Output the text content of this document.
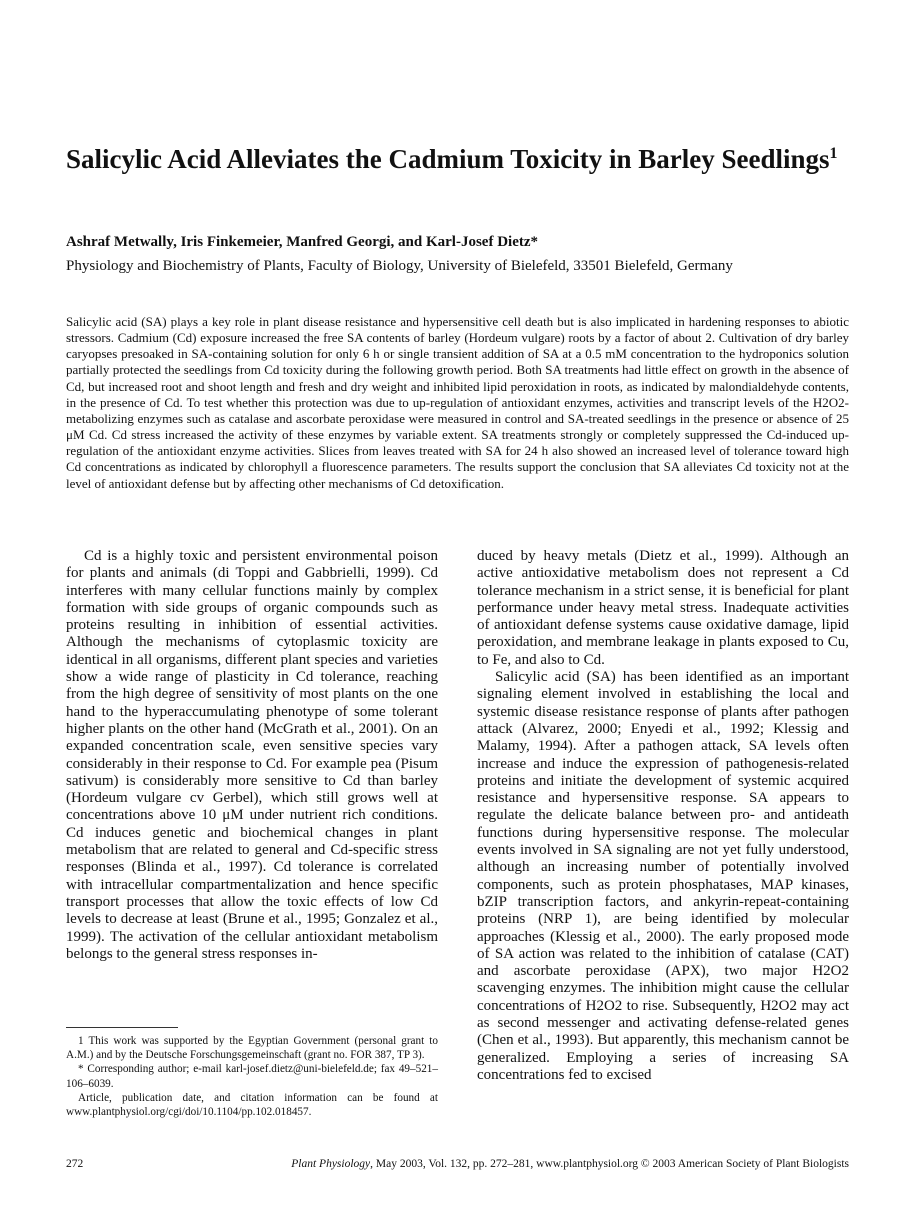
Salicylic Acid Alleviates the Cadmium Toxicity in Barley Seedlings$^1$
Ashraf Metwally, Iris Finkemeier, Manfred Georgi, and Karl-Josef Dietz*
Physiology and Biochemistry of Plants, Faculty of Biology, University of Bielefeld, 33501 Bielefeld, Germany
Salicylic acid (SA) plays a key role in plant disease resistance and hypersensitive cell death but is also implicated in hardening responses to abiotic stressors. Cadmium (Cd) exposure increased the free SA contents of barley (Hordeum vulgare) roots by a factor of about 2. Cultivation of dry barley caryopses presoaked in SA-containing solution for only 6 h or single transient addition of SA at a 0.5 mM concentration to the hydroponics solution partially protected the seedlings from Cd toxicity during the following growth period. Both SA treatments had little effect on growth in the absence of Cd, but increased root and shoot length and fresh and dry weight and inhibited lipid peroxidation in roots, as indicated by malondialdehyde contents, in the presence of Cd. To test whether this protection was due to up-regulation of antioxidant enzymes, activities and transcript levels of the H2O2-metabolizing enzymes such as catalase and ascorbate peroxidase were measured in control and SA-treated seedlings in the presence or absence of 25 μM Cd. Cd stress increased the activity of these enzymes by variable extent. SA treatments strongly or completely suppressed the Cd-induced up-regulation of the antioxidant enzyme activities. Slices from leaves treated with SA for 24 h also showed an increased level of tolerance toward high Cd concentrations as indicated by chlorophyll a fluorescence parameters. The results support the conclusion that SA alleviates Cd toxicity not at the level of antioxidant defense but by affecting other mechanisms of Cd detoxification.

Cd is a highly toxic and persistent environmental poison for plants and animals (di Toppi and Gabbrielli, 1999). Cd interferes with many cellular functions mainly by complex formation with side groups of organic compounds such as proteins resulting in inhibition of essential activities. Although the mechanisms of cytoplasmic toxicity are identical in all organisms, different plant species and varieties show a wide range of plasticity in Cd tolerance, reaching from the high degree of sensitivity of most plants on the one hand to the hyperaccumulating phenotype of some tolerant higher plants on the other hand (McGrath et al., 2001). On an expanded concentration scale, even sensitive species vary considerably in their response to Cd. For example pea (Pisum sativum) is considerably more sensitive to Cd than barley (Hordeum vulgare cv Gerbel), which still grows well at concentrations above 10 μM under nutrient rich conditions. Cd induces genetic and biochemical changes in plant metabolism that are related to general and Cd-specific stress responses (Blinda et al., 1997). Cd tolerance is correlated with intracellular compartmentalization and hence specific transport processes that allow the toxic effects of low Cd levels to decrease at least (Brune et al., 1995; Gonzalez et al., 1999). The activation of the cellular antioxidant metabolism belongs to the general stress responses in-

duced by heavy metals (Dietz et al., 1999). Although an active antioxidative metabolism does not represent a Cd tolerance mechanism in a strict sense, it is beneficial for plant performance under heavy metal stress. Inadequate activities of antioxidant defense systems cause oxidative damage, lipid peroxidation, and membrane leakage in plants exposed to Cu, to Fe, and also to Cd.

Salicylic acid (SA) has been identified as an important signaling element involved in establishing the local and systemic disease resistance response of plants after pathogen attack (Alvarez, 2000; Enyedi et al., 1992; Klessig and Malamy, 1994). After a pathogen attack, SA levels often increase and induce the expression of pathogenesis-related proteins and initiate the development of systemic acquired resistance and hypersensitive response. SA appears to regulate the delicate balance between pro- and antideath functions during hypersensitive response. The molecular events involved in SA signaling are not yet fully understood, although an increasing number of potentially involved components, such as protein phosphatases, MAP kinases, bZIP transcription factors, and ankyrin-repeat-containing proteins (NRP 1), are being identified by molecular approaches (Klessig et al., 2000). The early proposed mode of SA action was related to the inhibition of catalase (CAT) and ascorbate peroxidase (APX), two major H2O2 scavenging enzymes. The inhibition might cause the cellular concentrations of H2O2 to rise. Subsequently, H2O2 may act as second messenger and activating defense-related genes (Chen et al., 1993). But apparently, this mechanism cannot be generalized. Employing a series of increasing SA concentrations fed to excised

1 This work was supported by the Egyptian Government (personal grant to A.M.) and by the Deutsche Forschungsgemeinschaft (grant no. FOR 387, TP 3).

* Corresponding author; e-mail karl-josef.dietz@uni-bielefeld.de; fax 49–521–106–6039.

Article, publication date, and citation information can be found at www.plantphysiol.org/cgi/doi/10.1104/pp.102.018457.

272	Plant Physiology, May 2003, Vol. 132, pp. 272–281, www.plantphysiol.org © 2003 American Society of Plant Biologists
